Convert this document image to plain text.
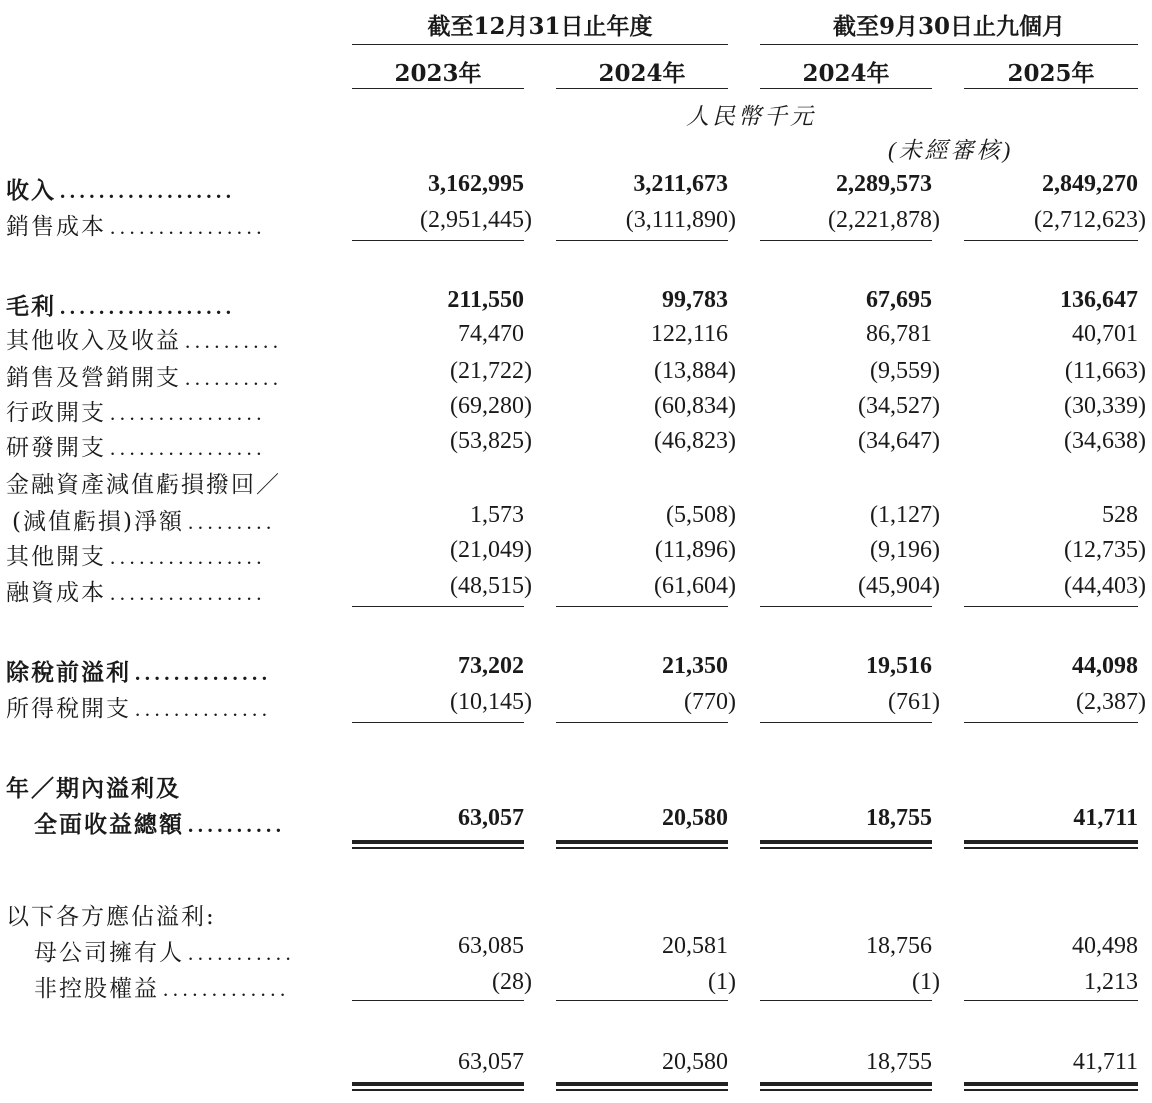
截至12月31日止年度	截至9月30日止九個月
2023年	2024年	2024年	2025年
人民幣千元
(未經審核)
收入 ..................	3,162,995	3,211,673	2,289,573	2,849,270
銷售成本 ................	(2,951,445)	(3,111,890)	(2,221,878)	(2,712,623)
毛利 ..................	211,550	99,783	67,695	136,647
其他收入及收益 ..........	74,470	122,116	86,781	40,701
銷售及營銷開支 ..........	(21,722)	(13,884)	(9,559)	(11,663)
行政開支 ................	(69,280)	(60,834)	(34,527)	(30,339)
研發開支 ................	(53,825)	(46,823)	(34,647)	(34,638)
金融資產減值虧損撥回／
(減值虧損)淨額 .........	1,573	(5,508)	(1,127)	528
其他開支 ................	(21,049)	(11,896)	(9,196)	(12,735)
融資成本 ................	(48,515)	(61,604)	(45,904)	(44,403)
除稅前溢利 ..............	73,202	21,350	19,516	44,098
所得稅開支 ..............	(10,145)	(770)	(761)	(2,387)
年／期內溢利及
全面收益總額 ..........	63,057	20,580	18,755	41,711
以下各方應佔溢利:
母公司擁有人 ...........	63,085	20,581	18,756	40,498
非控股權益 .............	(28)	(1)	(1)	1,213
63,057	20,580	18,755	41,711
